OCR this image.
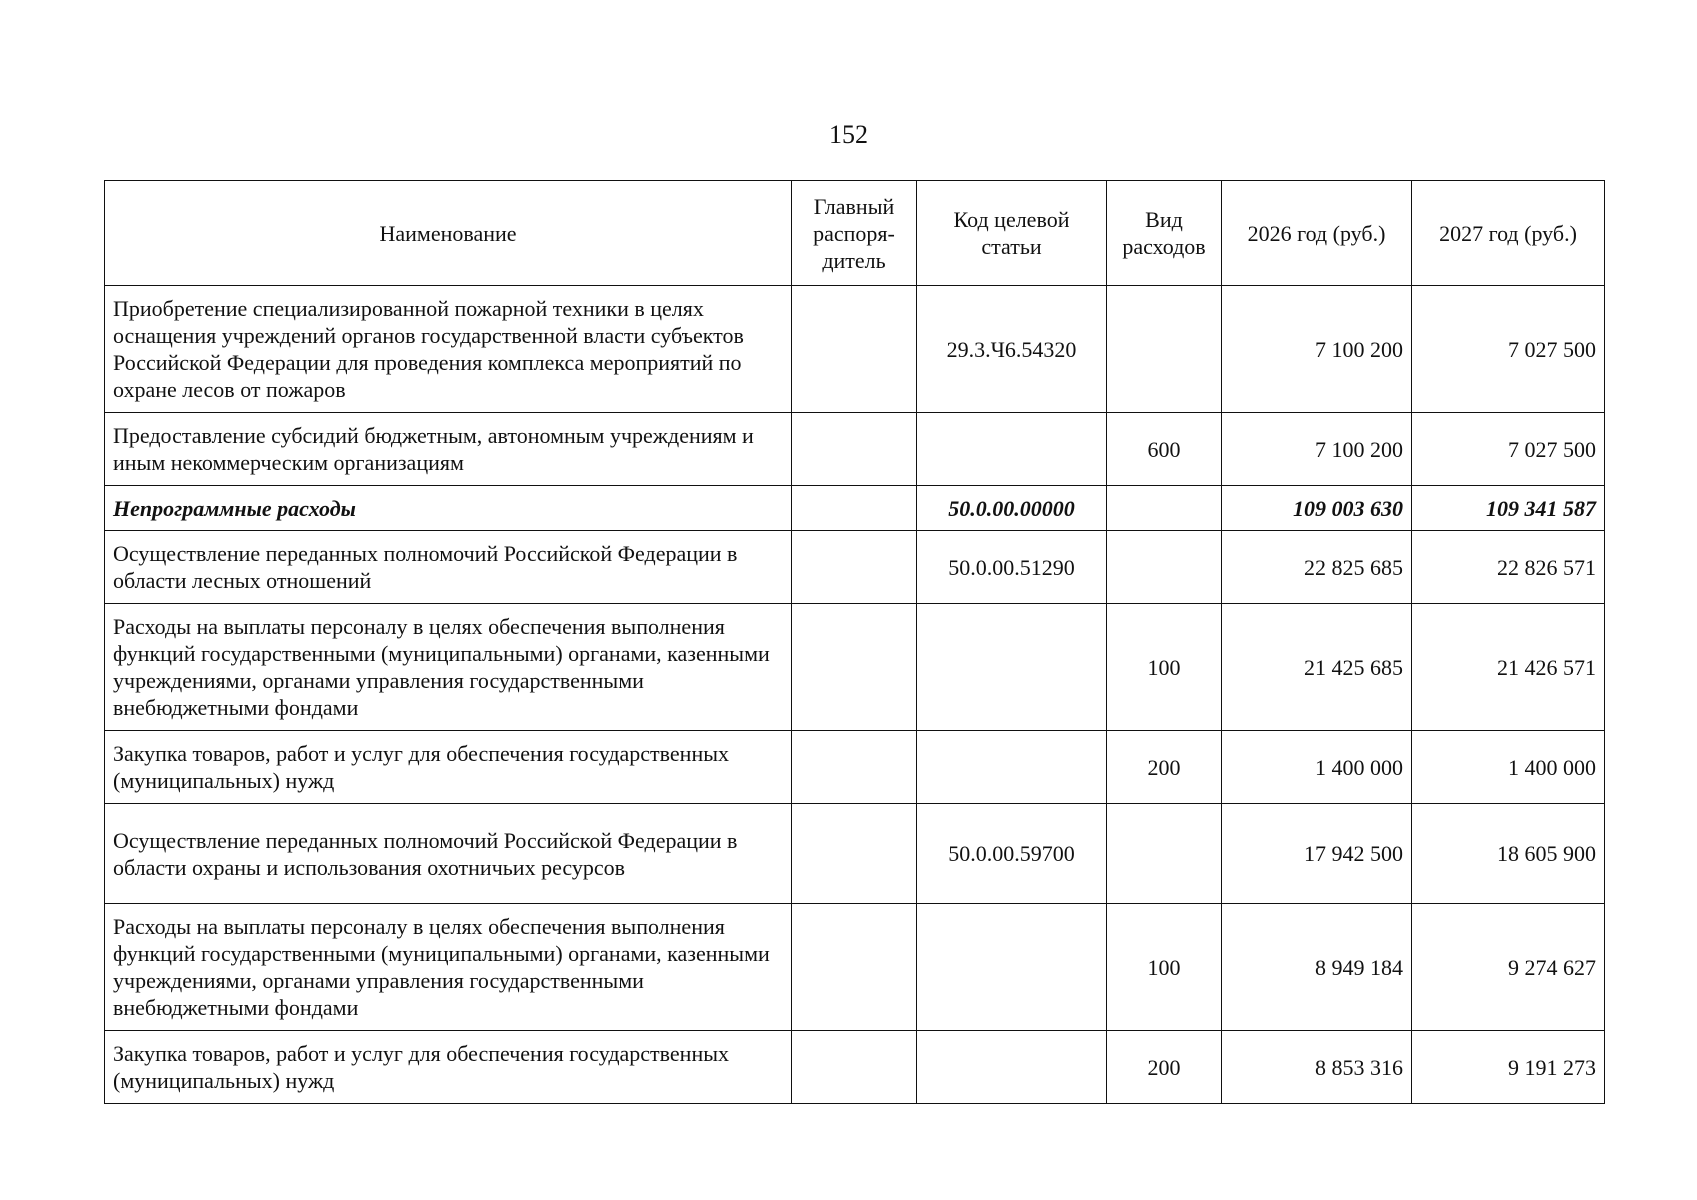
152
Наименование	Главный распоря-дитель	Код целевой статьи	Вид расходов	2026 год (руб.)	2027 год (руб.)
Приобретение специализированной пожарной техники в целях оснащения учреждений органов государственной власти субъектов Российской Федерации для проведения комплекса мероприятий по охране лесов от пожаров		29.3.Ч6.54320		7 100 200	7 027 500
Предоставление субсидий бюджетным, автономным учреждениям и иным некоммерческим организациям			600	7 100 200	7 027 500
Непрограммные расходы		50.0.00.00000		109 003 630	109 341 587
Осуществление переданных полномочий Российской Федерации в области лесных отношений		50.0.00.51290		22 825 685	22 826 571
Расходы на выплаты персоналу в целях обеспечения выполнения функций государственными (муниципальными) органами, казенными учреждениями, органами управления государственными внебюджетными фондами			100	21 425 685	21 426 571
Закупка товаров, работ и услуг для обеспечения государственных (муниципальных) нужд			200	1 400 000	1 400 000
Осуществление переданных полномочий Российской Федерации в области охраны и использования охотничьих ресурсов		50.0.00.59700		17 942 500	18 605 900
Расходы на выплаты персоналу в целях обеспечения выполнения функций государственными (муниципальными) органами, казенными учреждениями, органами управления государственными внебюджетными фондами			100	8 949 184	9 274 627
Закупка товаров, работ и услуг для обеспечения государственных (муниципальных) нужд			200	8 853 316	9 191 273
